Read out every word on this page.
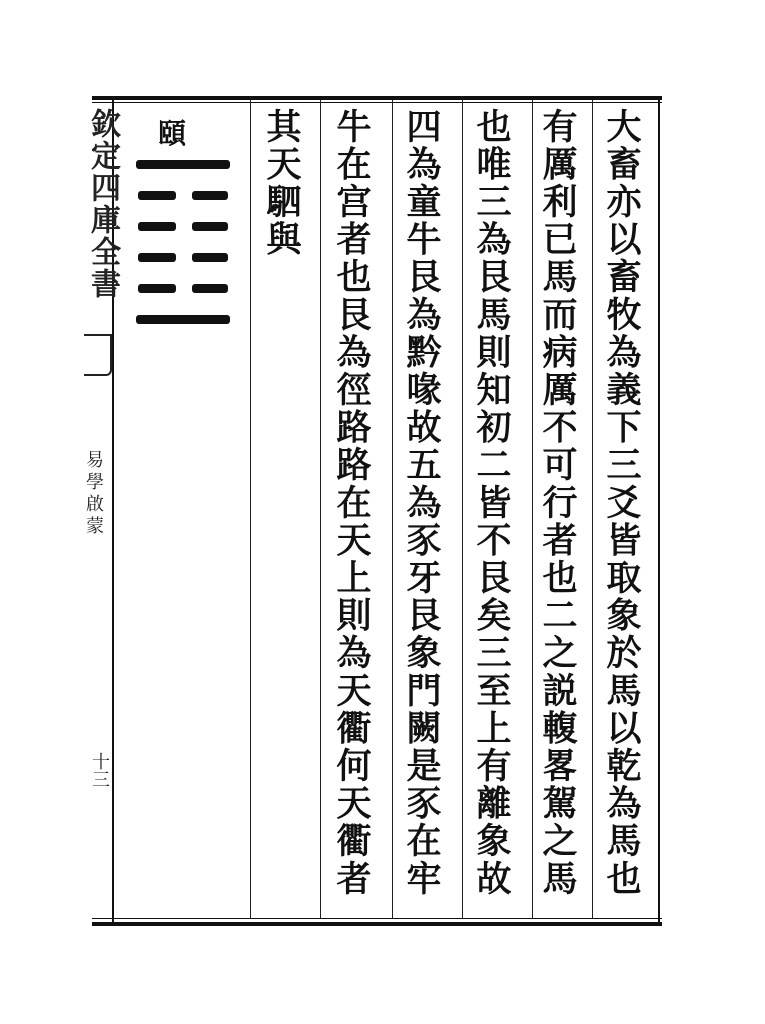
欽定四庫全書
易學啟蒙
十三
頤	大畜亦以畜牧為義下三爻皆取象於馬以乾為馬也
有厲利已馬而病厲不可行者也二之説輹畧駕之馬
也唯三為艮馬則知初二皆不艮矣三至上有離象故
四為童牛艮為黔喙故五為豕牙艮象門闕是豕在牢
牛在宫者也艮為徑路路在天上則為天衢何天衢者
其天駟與
